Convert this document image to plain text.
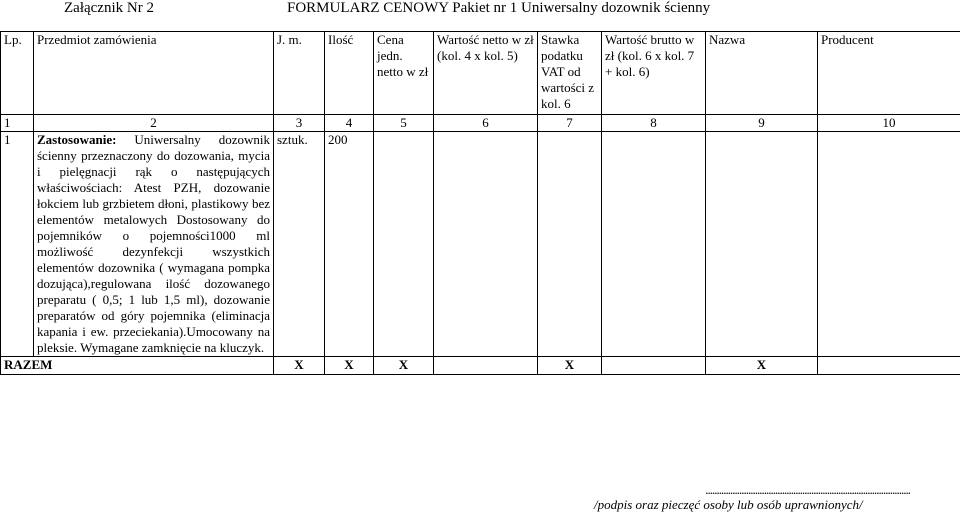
Załącznik Nr 2	FORMULARZ CENOWY Pakiet nr 1 Uniwersalny dozownik ścienny
Lp.	Przedmiot zamówienia	J. m.	Ilość	Cena jedn. netto w zł	Wartość netto w zł (kol. 4 x kol. 5)	Stawka podatku VAT od wartości z kol. 6	Wartość brutto w zł (kol. 6 x kol. 7 + kol. 6)	Nazwa	Producent
1	2	3	4	5	6	7	8	9	10
1	Zastosowanie: Uniwersalny dozownik ścienny przeznaczony do dozowania, mycia i pielęgnacji rąk o następujących właściwościach: Atest PZH, dozowanie łokciem lub grzbietem dłoni, plastikowy bez elementów metalowych Dostosowany do pojemników o pojemności1000 ml możliwość dezynfekcji wszystkich elementów dozownika ( wymagana pompka dozująca),regulowana ilość dozowanego preparatu ( 0,5; 1 lub 1,5 ml), dozowanie preparatów od góry pojemnika (eliminacja kapania i ew. przeciekania).Umocowany na pleksie. Wymagane zamknięcie na kluczyk.	sztuk.	200						
RAZEM		X	X	X		X		X	
...........................................................................................
/podpis oraz pieczęć osoby lub osób uprawnionych/
